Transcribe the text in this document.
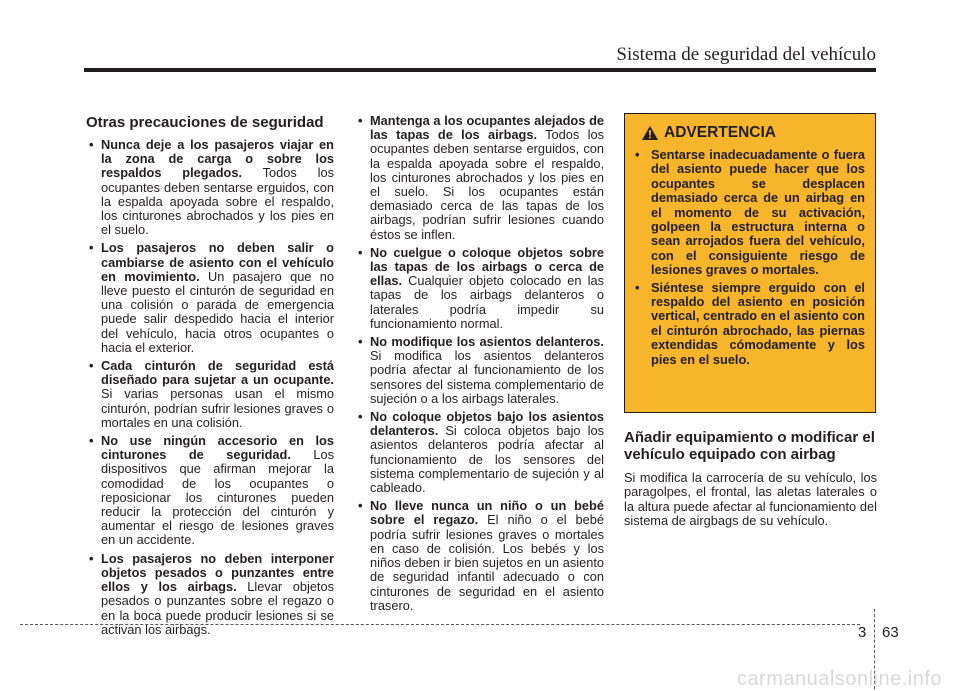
Sistema de seguridad del vehículo
Otras precauciones de seguridad
• Nunca deje a los pasajeros viajar en la zona de carga o sobre los respaldos plegados. Todos los ocupantes deben sentarse erguidos, con la espalda apoyada sobre el respaldo, los cinturones abrochados y los pies en el suelo.
• Los pasajeros no deben salir o cambiarse de asiento con el vehículo en movimiento. Un pasajero que no lleve puesto el cinturón de seguridad en una colisión o parada de emergencia puede salir despedido hacia el interior del vehículo, hacia otros ocupantes o hacia el exterior.
• Cada cinturón de seguridad está diseñado para sujetar a un ocupante. Si varias personas usan el mismo cinturón, podrían sufrir lesiones graves o mortales en una colisión.
• No use ningún accesorio en los cinturones de seguridad. Los dispositivos que afirman mejorar la comodidad de los ocupantes o reposicionar los cinturones pueden reducir la protección del cinturón y aumentar el riesgo de lesiones graves en un accidente.
• Los pasajeros no deben interponer objetos pesados o punzantes entre ellos y los airbags. Llevar objetos pesados o punzantes sobre el regazo o en la boca puede producir lesiones si se activan los airbags.
• Mantenga a los ocupantes alejados de las tapas de los airbags. Todos los ocupantes deben sentarse erguidos, con la espalda apoyada sobre el respaldo, los cinturones abrochados y los pies en el suelo. Si los ocupantes están demasiado cerca de las tapas de los airbags, podrían sufrir lesiones cuando éstos se inflen.
• No cuelgue o coloque objetos sobre las tapas de los airbags o cerca de ellas. Cualquier objeto colocado en las tapas de los airbags delanteros o laterales podría impedir su funcionamiento normal.
• No modifique los asientos delanteros. Si modifica los asientos delanteros podría afectar al funcionamiento de los sensores del sistema complementario de sujeción o a los airbags laterales.
• No coloque objetos bajo los asientos delanteros. Si coloca objetos bajo los asientos delanteros podría afectar al funcionamiento de los sensores del sistema complementario de sujeción y al cableado.
• No lleve nunca un niño o un bebé sobre el regazo. El niño o el bebé podría sufrir lesiones graves o mortales en caso de colisión. Los bebés y los niños deben ir bien sujetos en un asiento de seguridad infantil adecuado o con cinturones de seguridad en el asiento trasero.
ADVERTENCIA
• Sentarse inadecuadamente o fuera del asiento puede hacer que los ocupantes se desplacen demasiado cerca de un airbag en el momento de su activación, golpeen la estructura interna o sean arrojados fuera del vehículo, con el consiguiente riesgo de lesiones graves o mortales.
• Siéntese siempre erguido con el respaldo del asiento en posición vertical, centrado en el asiento con el cinturón abrochado, las piernas extendidas cómodamente y los pies en el suelo.
Añadir equipamiento o modificar el vehículo equipado con airbag

Si modifica la carrocería de su vehículo, los paragolpes, el frontal, las aletas laterales o la altura puede afectar al funcionamiento del sistema de airgbags de su vehículo.

3 63
carmanualsonline.info
